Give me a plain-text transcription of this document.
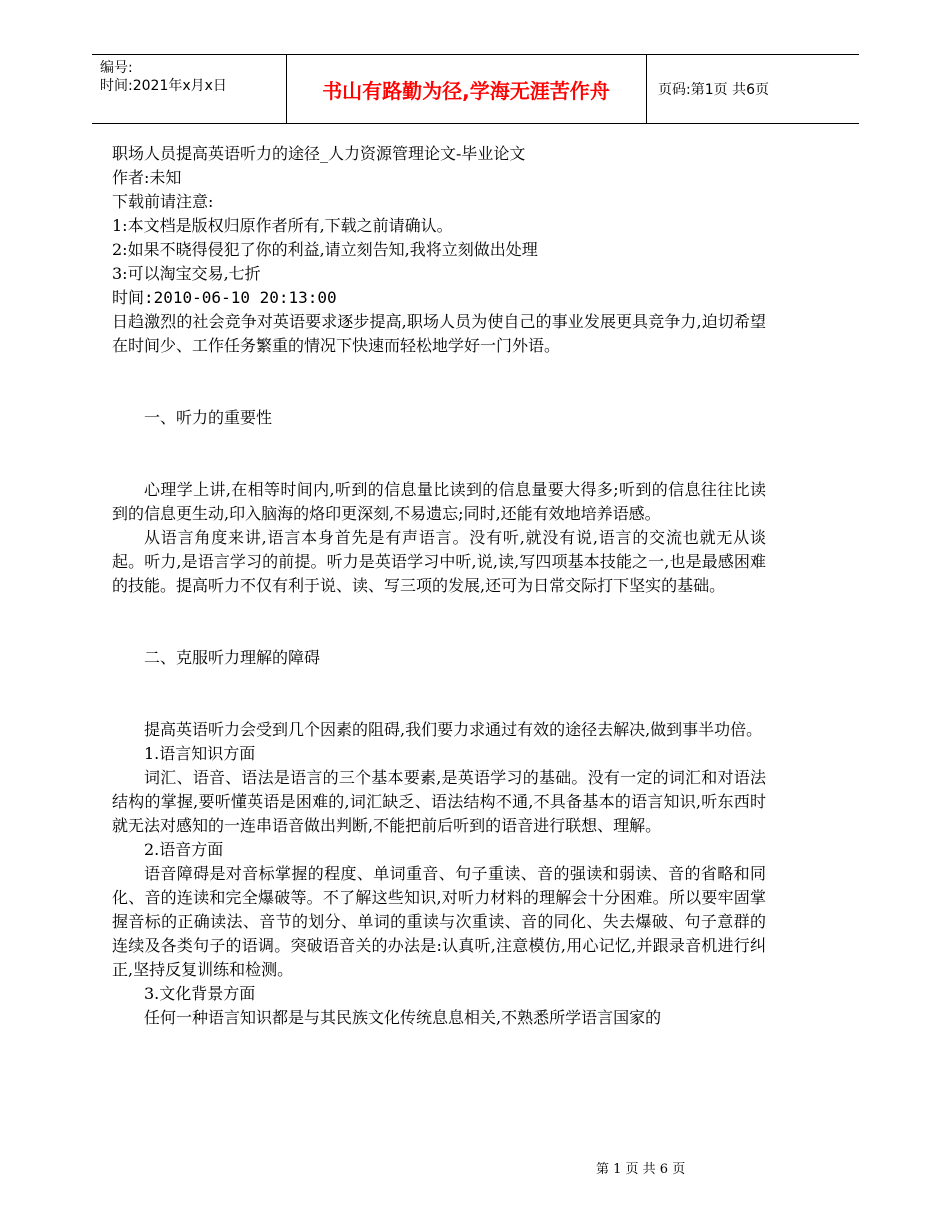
编号:
时间:2021年x月x日	书山有路勤为径,学海无涯苦作舟	页码:第1页 共6页

职场人员提高英语听力的途径_人力资源管理论文-毕业论文

作者:未知

下载前请注意:

1:本文档是版权归原作者所有,下载之前请确认。

2:如果不晓得侵犯了你的利益,请立刻告知,我将立刻做出处理

3:可以淘宝交易,七折

时间:2010-06-10 20:13:00

日趋激烈的社会竞争对英语要求逐步提高,职场人员为使自己的事业发展更具竞争力,迫切希望在时间少、工作任务繁重的情况下快速而轻松地学好一门外语。

一、听力的重要性

心理学上讲,在相等时间内,听到的信息量比读到的信息量要大得多;听到的信息往往比读到的信息更生动,印入脑海的烙印更深刻,不易遗忘;同时,还能有效地培养语感。

从语言角度来讲,语言本身首先是有声语言。没有听,就没有说,语言的交流也就无从谈起。听力,是语言学习的前提。听力是英语学习中听,说,读,写四项基本技能之一,也是最感困难的技能。提高听力不仅有利于说、读、写三项的发展,还可为日常交际打下坚实的基础。

二、克服听力理解的障碍

提高英语听力会受到几个因素的阻碍,我们要力求通过有效的途径去解决,做到事半功倍。

1.语言知识方面

词汇、语音、语法是语言的三个基本要素,是英语学习的基础。没有一定的词汇和对语法结构的掌握,要听懂英语是困难的,词汇缺乏、语法结构不通,不具备基本的语言知识,听东西时就无法对感知的一连串语音做出判断,不能把前后听到的语音进行联想、理解。

2.语音方面

语音障碍是对音标掌握的程度、单词重音、句子重读、音的强读和弱读、音的省略和同化、音的连读和完全爆破等。不了解这些知识,对听力材料的理解会十分困难。所以要牢固掌握音标的正确读法、音节的划分、单词的重读与次重读、音的同化、失去爆破、句子意群的连续及各类句子的语调。突破语音关的办法是:认真听,注意模仿,用心记忆,并跟录音机进行纠正,坚持反复训练和检测。

3.文化背景方面

任何一种语言知识都是与其民族文化传统息息相关,不熟悉所学语言国家的

第 1 页 共 6 页
